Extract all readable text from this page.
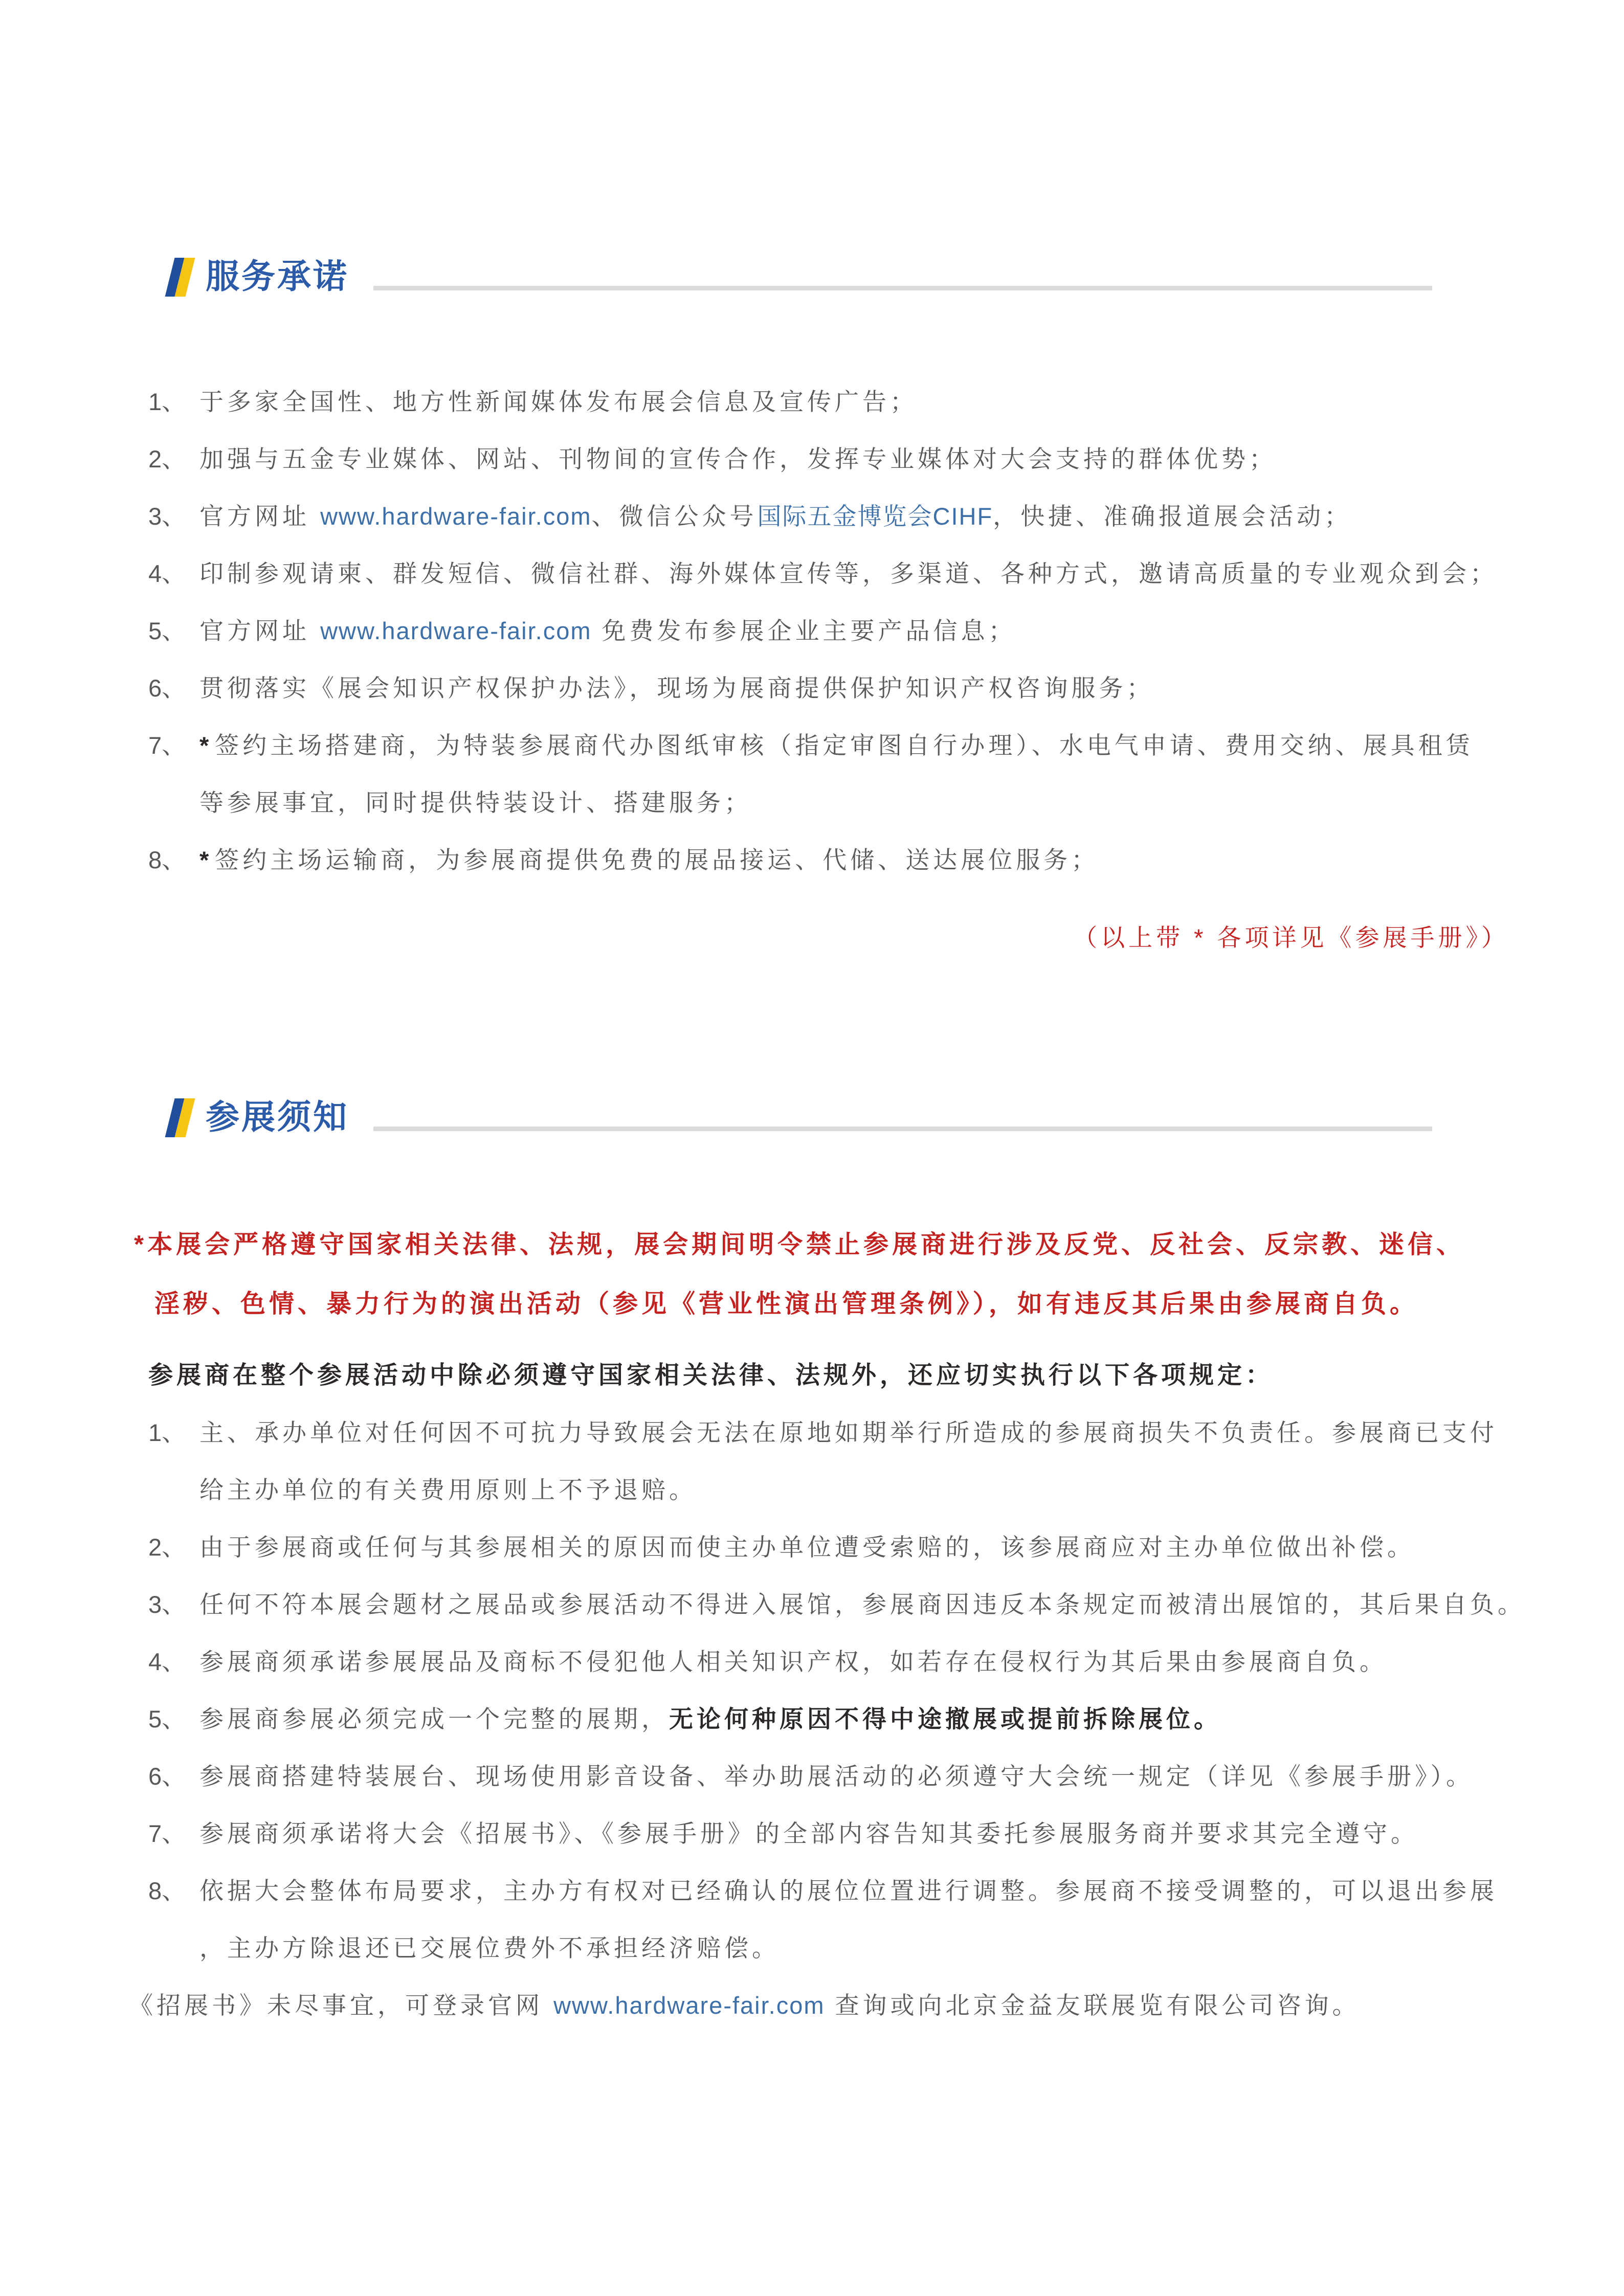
服务承诺
1、 于多家全国性、地方性新闻媒体发布展会信息及宣传广告；
2、 加强与五金专业媒体、网站、刊物间的宣传合作，发挥专业媒体对大会支持的群体优势；
3、 官方网址 www.hardware-fair.com、微信公众号国际五金博览会CIHF，快捷、准确报道展会活动；
4、 印制参观请柬、群发短信、微信社群、海外媒体宣传等，多渠道、各种方式，邀请高质量的专业观众到会；
5、 官方网址 www.hardware-fair.com 免费发布参展企业主要产品信息；
6、 贯彻落实《展会知识产权保护办法》，现场为展商提供保护知识产权咨询服务；
7、 * 签约主场搭建商，为特装参展商代办图纸审核（指定审图自行办理）、水电气申请、费用交纳、展具租赁
等参展事宜，同时提供特装设计、搭建服务；
8、 * 签约主场运输商，为参展商提供免费的展品接运、代储、送达展位服务；
（以上带 * 各项详见《参展手册》）
参展须知
*本展会严格遵守国家相关法律、法规，展会期间明令禁止参展商进行涉及反党、反社会、反宗教、迷信、
淫秽、色情、暴力行为的演出活动（参见《营业性演出管理条例》），如有违反其后果由参展商自负。
参展商在整个参展活动中除必须遵守国家相关法律、法规外，还应切实执行以下各项规定：
1、 主、承办单位对任何因不可抗力导致展会无法在原地如期举行所造成的参展商损失不负责任。参展商已支付
给主办单位的有关费用原则上不予退赔。
2、 由于参展商或任何与其参展相关的原因而使主办单位遭受索赔的，该参展商应对主办单位做出补偿。
3、 任何不符本展会题材之展品或参展活动不得进入展馆，参展商因违反本条规定而被清出展馆的，其后果自负。
4、 参展商须承诺参展展品及商标不侵犯他人相关知识产权，如若存在侵权行为其后果由参展商自负。
5、 参展商参展必须完成一个完整的展期，无论何种原因不得中途撤展或提前拆除展位。
6、 参展商搭建特装展台、现场使用影音设备、举办助展活动的必须遵守大会统一规定（详见《参展手册》）。
7、 参展商须承诺将大会《招展书》、《参展手册》的全部内容告知其委托参展服务商并要求其完全遵守。
8、 依据大会整体布局要求，主办方有权对已经确认的展位位置进行调整。参展商不接受调整的，可以退出参展
，主办方除退还已交展位费外不承担经济赔偿。
《招展书》未尽事宜，可登录官网 www.hardware-fair.com 查询或向北京金益友联展览有限公司咨询。
